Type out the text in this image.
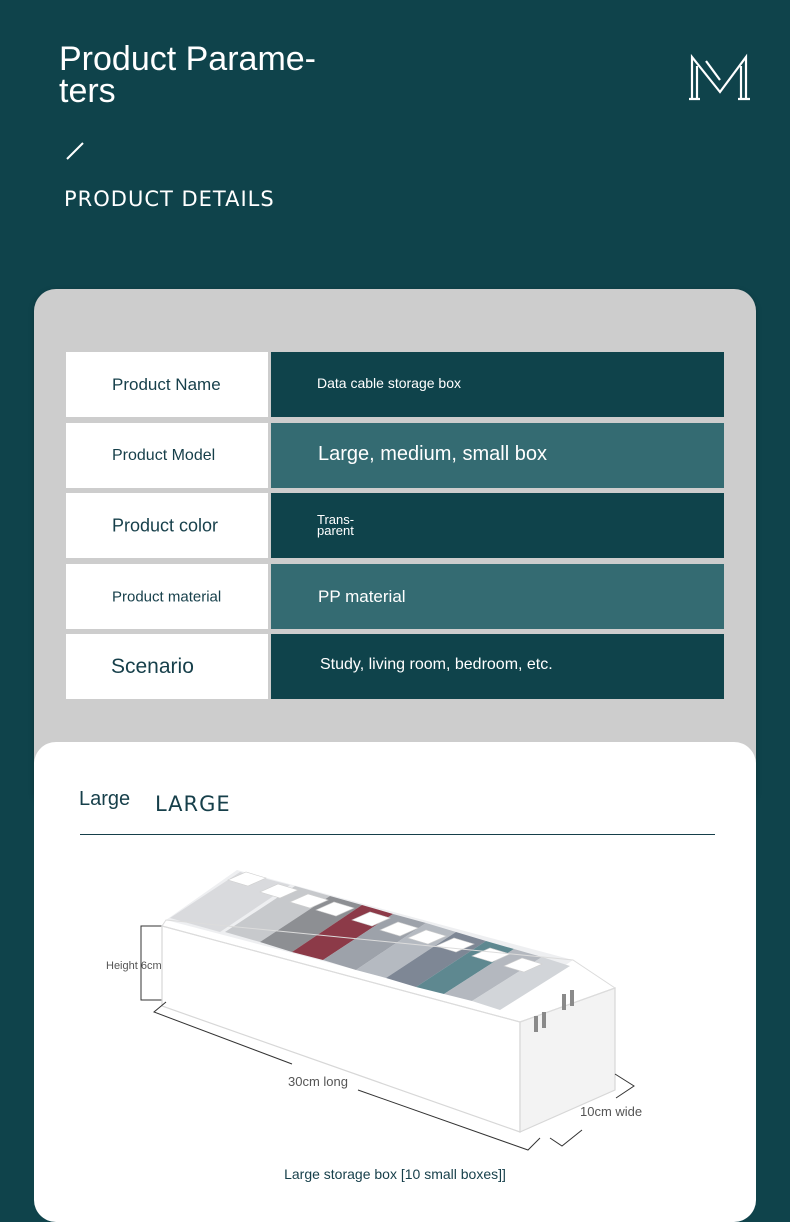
Product Parame-
ters
PRODUCT DETAILS
Product Name	Data cable storage box
Product Model	Large, medium, small box
Product color	Trans-
parent
Product material	PP material
Scenario	Study, living room, bedroom, etc.
Large LARGE
Height 6cm
30cm long
10cm wide
Large storage box [10 small boxes]]
